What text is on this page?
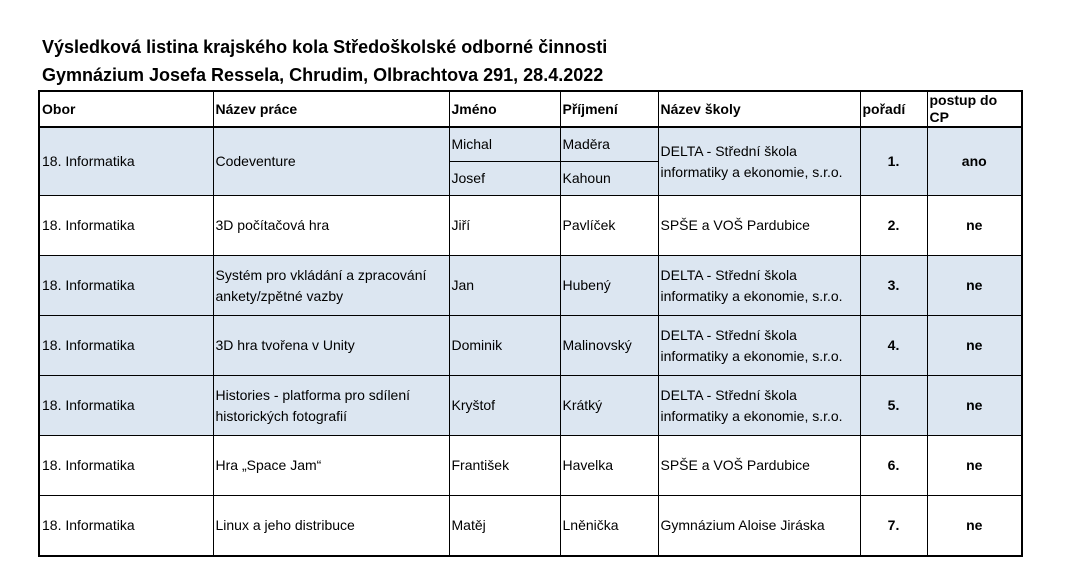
Výsledková listina krajského kola Středoškolské odborné činnosti
Gymnázium Josefa Ressela, Chrudim, Olbrachtova 291, 28.4.2022
Obor	Název práce	Jméno	Příjmení	Název školy	pořadí	postup do CP
18. Informatika	Codeventure	Michal	Maděra	DELTA - Střední škola informatiky a ekonomie, s.r.o.	1.	ano
		Josef	Kahoun			
18. Informatika	3D počítačová hra	Jiří	Pavlíček	SPŠE a VOŠ Pardubice	2.	ne
18. Informatika	Systém pro vkládání a zpracování ankety/zpětné vazby	Jan	Hubený	DELTA - Střední škola informatiky a ekonomie, s.r.o.	3.	ne
18. Informatika	3D hra tvořena v Unity	Dominik	Malinovský	DELTA - Střední škola informatiky a ekonomie, s.r.o.	4.	ne
18. Informatika	Histories - platforma pro sdílení historických fotografií	Kryštof	Krátký	DELTA - Střední škola informatiky a ekonomie, s.r.o.	5.	ne
18. Informatika	Hra „Space Jam“	František	Havelka	SPŠE a VOŠ Pardubice	6.	ne
18. Informatika	Linux a jeho distribuce	Matěj	Lněnička	Gymnázium Aloise Jiráska	7.	ne
